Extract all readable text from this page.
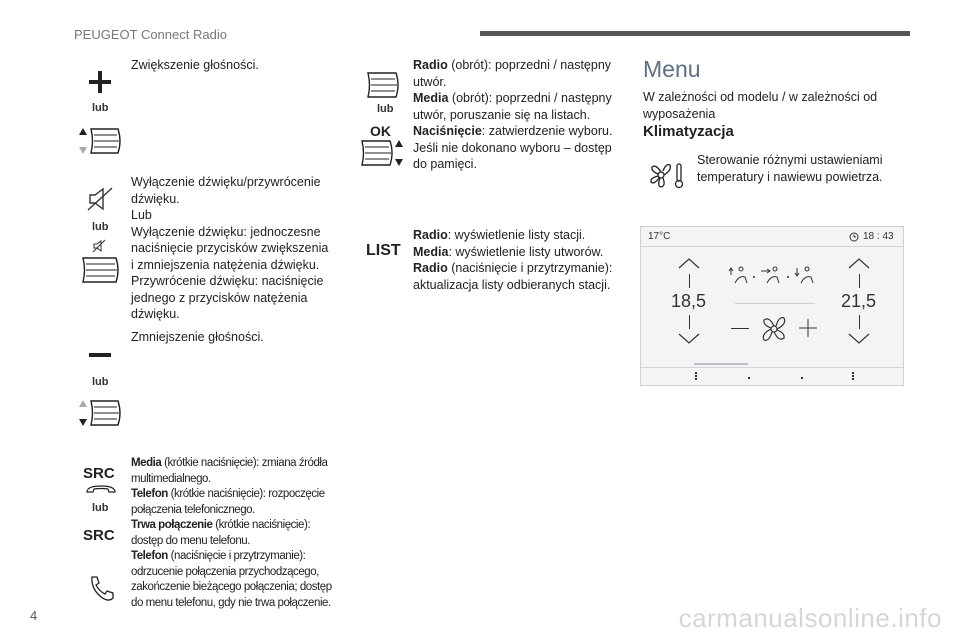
PEUGEOT Connect Radio
lub
Zwiększenie głośności.
lub
Wyłączenie dźwięku/przywrócenie
dźwięku.
Lub
Wyłączenie dźwięku: jednoczesne
naciśnięcie przycisków zwiększenia
i zmniejszenia natężenia dźwięku.
Przywrócenie dźwięku: naciśnięcie
jednego z przycisków natężenia
dźwięku.
lub
Zmniejszenie głośności.
SRC
lub
SRC
Media (krótkie naciśnięcie): zmiana źródła
multimedialnego.
Telefon (krótkie naciśnięcie): rozpoczęcie
połączenia telefonicznego.
Trwa połączenie (krótkie naciśnięcie):
dostęp do menu telefonu.
Telefon (naciśnięcie i przytrzymanie):
odrzucenie połączenia przychodzącego,
zakończenie bieżącego połączenia; dostęp
do menu telefonu, gdy nie trwa połączenie.
lub
OK
Radio (obrót): poprzedni / następny
utwór.
Media (obrót): poprzedni / następny
utwór, poruszanie się na listach.
Naciśnięcie: zatwierdzenie wyboru.
Jeśli nie dokonano wyboru – dostęp
do pamięci.
LIST
Radio: wyświetlenie listy stacji.
Media: wyświetlenie listy utworów.
Radio (naciśnięcie i przytrzymanie):
aktualizacja listy odbieranych stacji.
Menu
W zależności od modelu / w zależności od
wyposażenia
Klimatyzacja
Sterowanie różnymi ustawieniami
temperatury i nawiewu powietrza.
17°C	18 : 43
18,5	21,5
4	carmanualsonline.info
